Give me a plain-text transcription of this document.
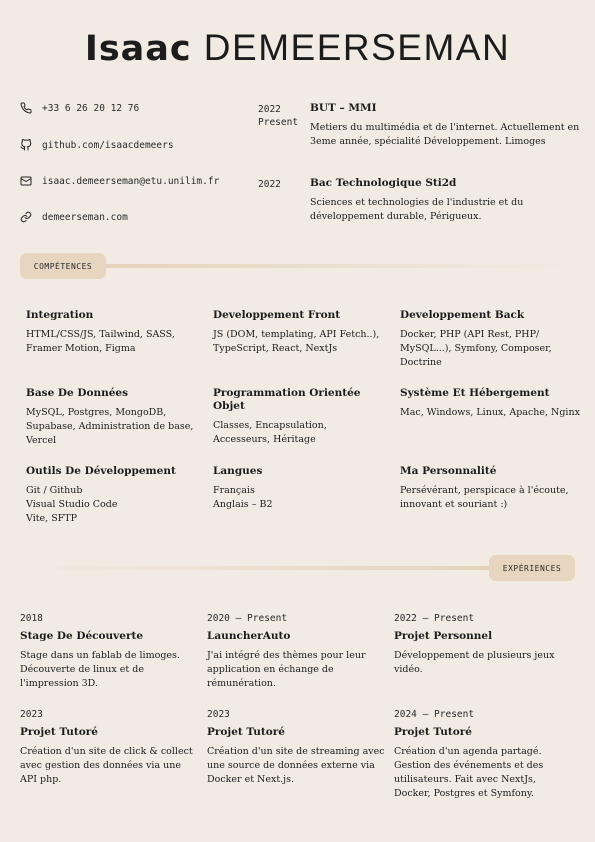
Isaac DEMEERSEMAN
+33 6 26 20 12 76
github.com/isaacdemeers
isaac.demeerseman@etu.unilim.fr
demeerseman.com
2022
Present
BUT – MMI
Metiers du multimédia et de l'internet. Actuellement en 3eme année, spécialité Développement. Limoges
2022	Bac Technologique Sti2d
Sciences et technologies de l'industrie et du développement durable, Périgueux.
COMPÉTENCES
Integration

HTML/CSS/JS, Tailwind, SASS, Framer Motion, Figma

Developpement Front

JS (DOM, templating, API Fetch..), TypeScript, React, NextJs

Developpement Back

Docker, PHP (API Rest, PHP/ MySQL...), Symfony, Composer, Doctrine

Base De Données

MySQL, Postgres, MongoDB, Supabase, Administration de base, Vercel

Programmation Orientée Objet

Classes, Encapsulation, Accesseurs, Héritage

Système Et Hébergement

Mac, Windows, Linux, Apache, Nginx

Outils De Développement

Git / Github
Visual Studio Code
Vite, SFTP

Langues

Français
Anglais – B2

Ma Personnalité

Persévérant, perspicace à l'écoute, innovant et souriant :)

EXPÉRIENCES
2018
Stage De Découverte

Stage dans un fablab de limoges. Découverte de linux et de l'impression 3D.

2020 — Present
LauncherAuto

J'ai intégré des thèmes pour leur application en échange de rémunération.

2022 — Present
Projet Personnel

Développement de plusieurs jeux vidéo.

2023
Projet Tutoré

Création d'un site de click & collect avec gestion des données via une API php.

2023
Projet Tutoré

Création d'un site de streaming avec une source de données externe via Docker et Next.js.

2024 — Present
Projet Tutoré

Création d'un agenda partagé. Gestion des événements et des utilisateurs. Fait avec NextJs, Docker, Postgres et Symfony.
